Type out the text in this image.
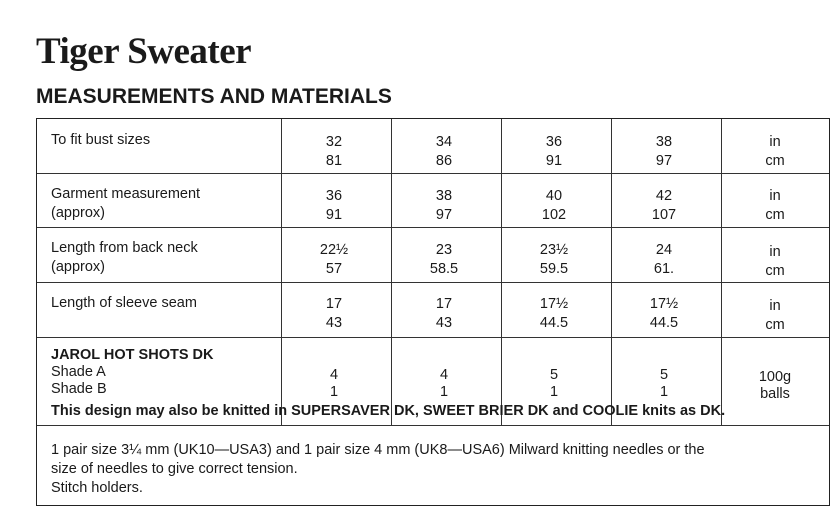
Tiger Sweater
MEASUREMENTS AND MATERIALS
To fit bust sizes	32
81
34
86
36
91
38
97
in
cm
Garment measurement
(approx)
36
91
38
97
40
102
42
107
in
cm
Length from back neck
(approx)
22½
57
23
58.5
23½
59.5
24
61.
in
cm
Length of sleeve seam	17
43
17
43
17½
44.5
17½
44.5
in
cm
JAROL HOT SHOTS DK
Shade A
Shade B
4
1
4
1
5
1
5
1
100g
balls
This design may also be knitted in SUPERSAVER DK, SWEET BRIER DK and COOLIE knits as DK.
1 pair size 3¼ mm (UK10—USA3) and 1 pair size 4 mm (UK8—USA6) Milward knitting needles or the
size of needles to give correct tension.
Stitch holders.
